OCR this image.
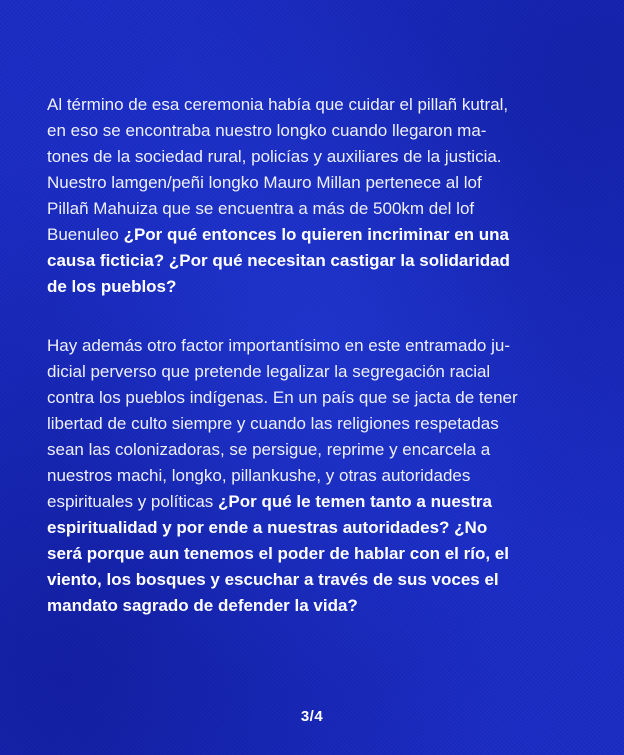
Al término de esa ceremonia había que cuidar el pillañ kutral,
en eso se encontraba nuestro longko cuando llegaron ma-
tones de la sociedad rural, policías y auxiliares de la justicia.
Nuestro lamgen/peñi longko Mauro Millan pertenece al lof
Pillañ Mahuiza que se encuentra a más de 500km del lof
Buenuleo ¿Por qué entonces lo quieren incriminar en una
causa ficticia? ¿Por qué necesitan castigar la solidaridad
de los pueblos?
Hay además otro factor importantísimo en este entramado ju-
dicial perverso que pretende legalizar la segregación racial
contra los pueblos indígenas. En un país que se jacta de tener
libertad de culto siempre y cuando las religiones respetadas
sean las colonizadoras, se persigue, reprime y encarcela a
nuestros machi, longko, pillankushe, y otras autoridades
espirituales y políticas ¿Por qué le temen tanto a nuestra
espiritualidad y por ende a nuestras autoridades? ¿No
será porque aun tenemos el poder de hablar con el río, el
viento, los bosques y escuchar a través de sus voces el
mandato sagrado de defender la vida?
3/4
